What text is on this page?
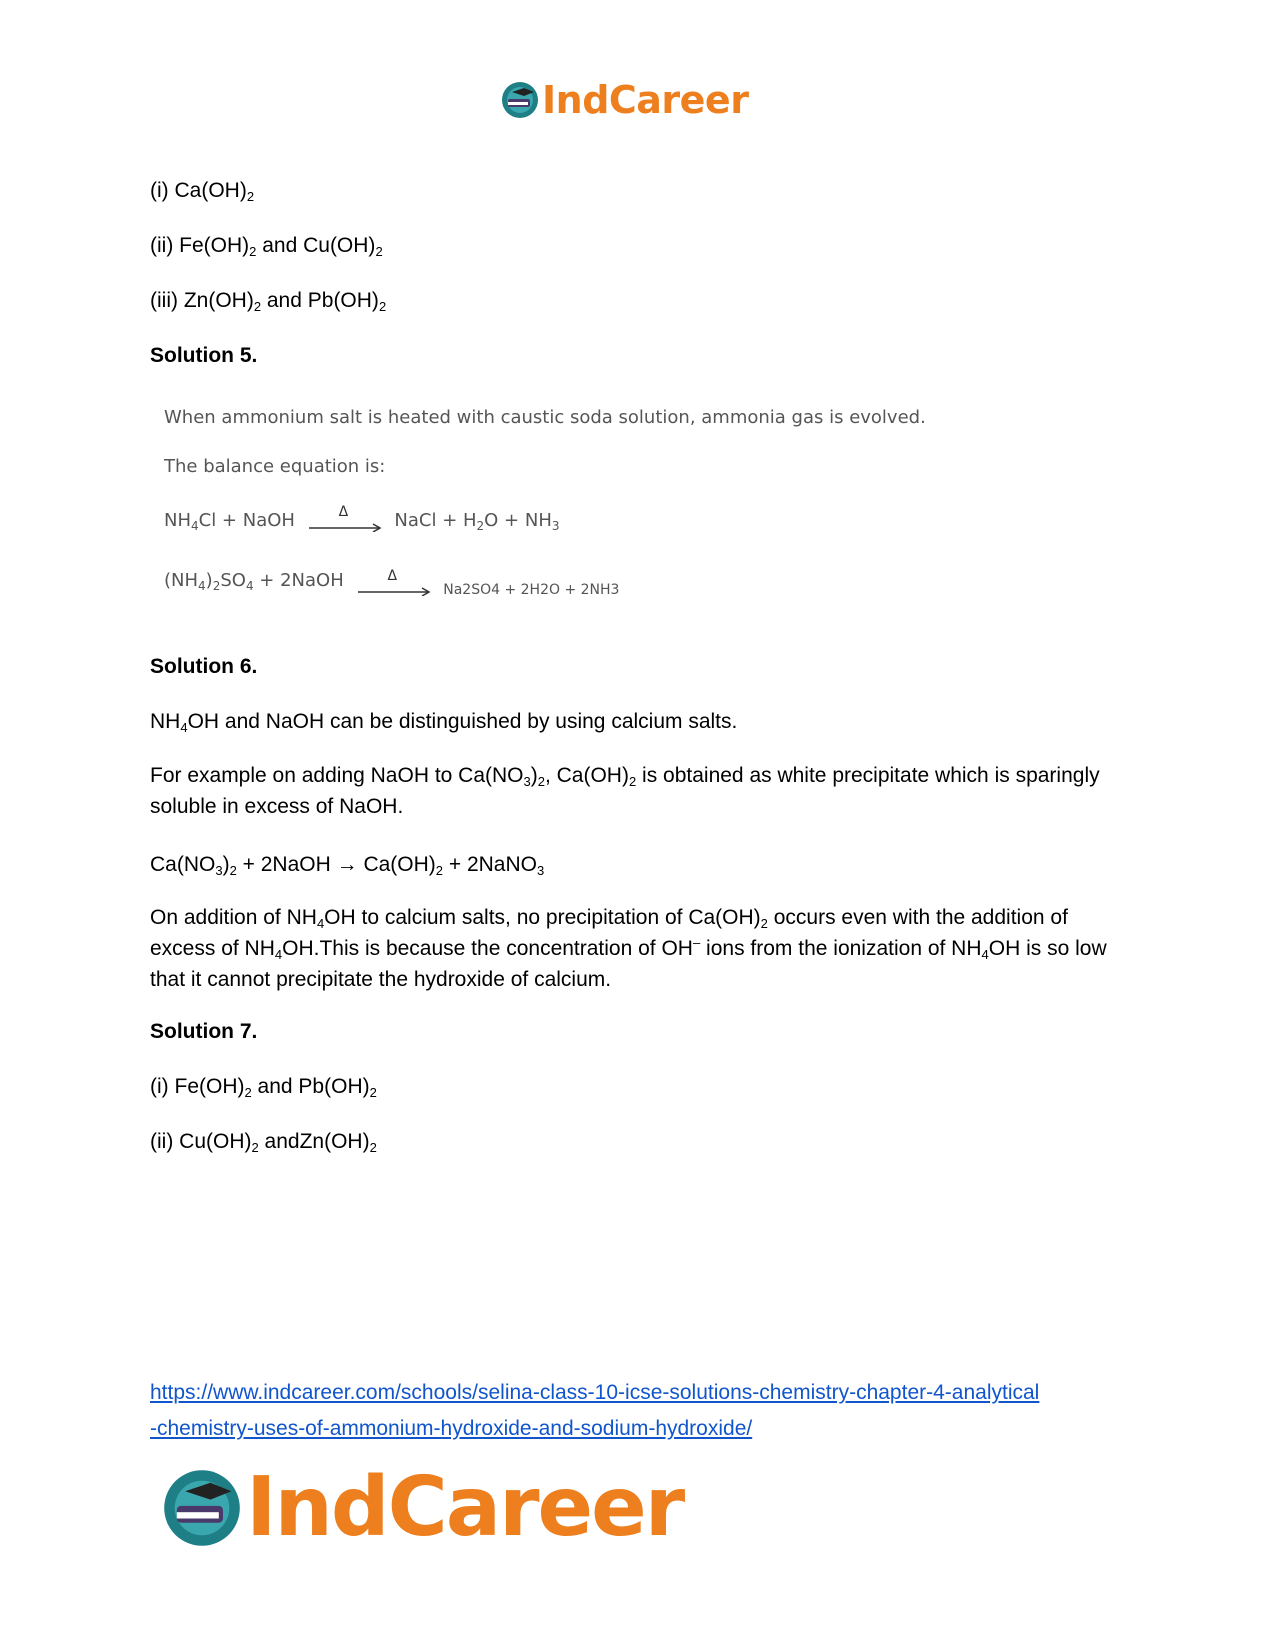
IndCareer
(i) $Ca(OH)_2$
(ii) $Fe(OH)_2$ and $Cu(OH)_2$
(iii) $Zn(OH)_2$ and $Pb(OH)_2$
Solution 5.
When ammonium salt is heated with caustic soda solution, ammonia gas is evolved.
The balance equation is:
$NH_4Cl$ + NaOH	Δ	NaCl + $H_2O + NH_3$
$(NH_4)_2SO_4$ + 2NaOH	Δ
$_{Na2SO4 + 2H2O + 2NH3}$
Solution 6.
$NH_4OH$ and NaOH can be distinguished by using calcium salts.
For example on adding NaOH to $Ca(NO_3)_2$, $Ca(OH)_2$ is obtained as white precipitate which is sparingly soluble in excess of NaOH.
$Ca(NO_3)_2$ + 2NaOH → $Ca(OH)_2$ + 2NaNO$_3$
On addition of $NH_4OH$ to calcium salts, no precipitation of $Ca(OH)_2$ occurs even with the addition of excess of $NH_4OH.This$ is because the concentration of OH– ions from the ionization of $NH_4OH$ is so low that it cannot precipitate the hydroxide of calcium.
Solution 7.
(i) $Fe(OH)_2$ and $Pb(OH)_2$
(ii) $Cu(OH)_2$ $andZn(OH)_2$
https://www.indcareer.com/schools/selina-class-10-icse-solutions-chemistry-chapter-4-analytical
-chemistry-uses-of-ammonium-hydroxide-and-sodium-hydroxide/
IndCareer
